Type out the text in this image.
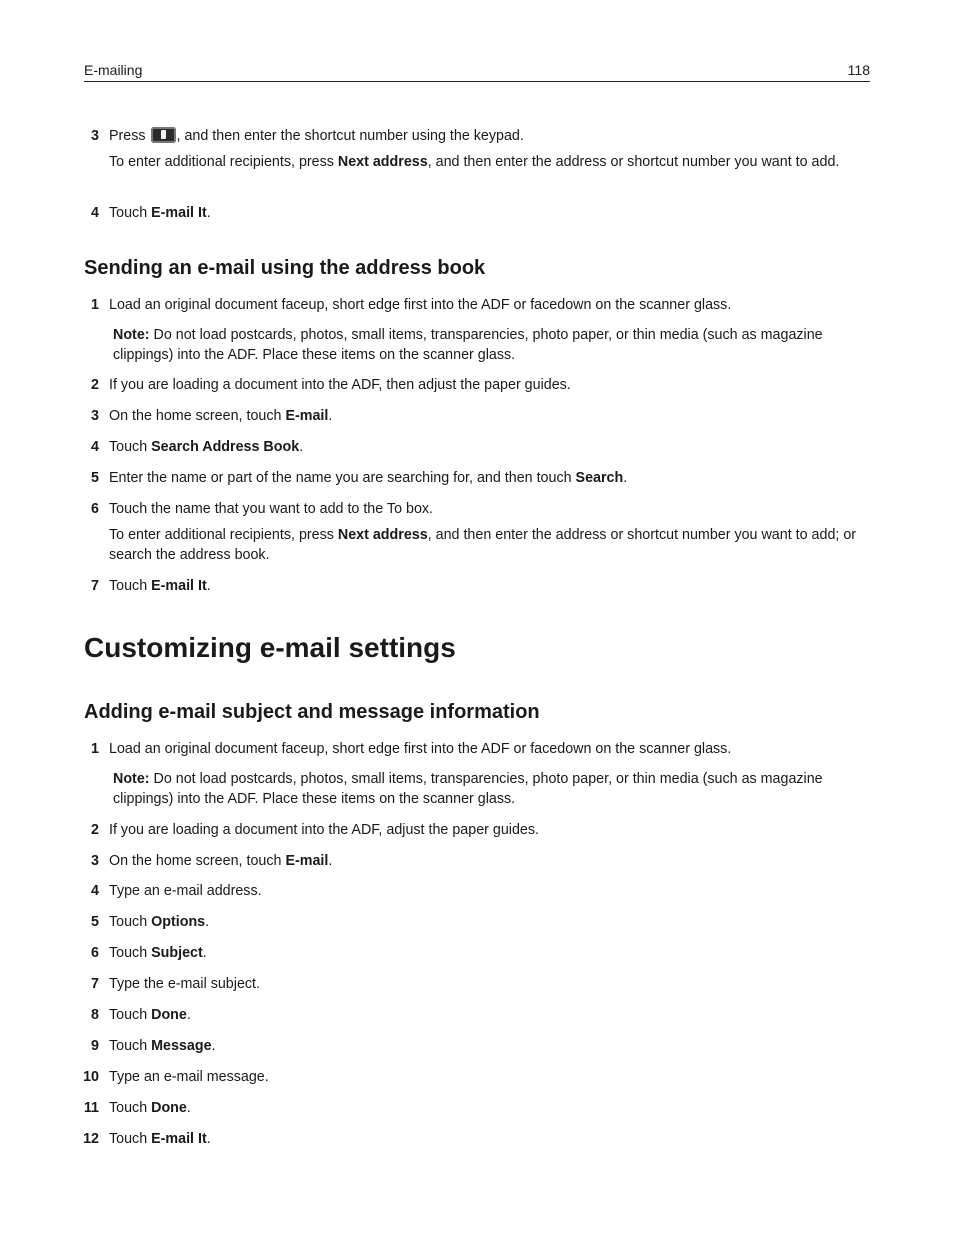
E-mailing	118
3 Press , and then enter the shortcut number using the keypad.
To enter additional recipients, press Next address, and then enter the address or shortcut number you want to add.
4 Touch E-mail It.
Sending an e-mail using the address book
1 Load an original document faceup, short edge first into the ADF or facedown on the scanner glass.
Note: Do not load postcards, photos, small items, transparencies, photo paper, or thin media (such as magazine clippings) into the ADF. Place these items on the scanner glass.
2 If you are loading a document into the ADF, then adjust the paper guides.
3 On the home screen, touch E-mail.
4 Touch Search Address Book.
5 Enter the name or part of the name you are searching for, and then touch Search.
6 Touch the name that you want to add to the To box.
To enter additional recipients, press Next address, and then enter the address or shortcut number you want to add; or search the address book.
7 Touch E-mail It.
Customizing e-mail settings
Adding e-mail subject and message information
1 Load an original document faceup, short edge first into the ADF or facedown on the scanner glass.
Note: Do not load postcards, photos, small items, transparencies, photo paper, or thin media (such as magazine clippings) into the ADF. Place these items on the scanner glass.
2 If you are loading a document into the ADF, adjust the paper guides.
3 On the home screen, touch E-mail.
4 Type an e-mail address.
5 Touch Options.
6 Touch Subject.
7 Type the e-mail subject.
8 Touch Done.
9 Touch Message.
10 Type an e-mail message.
11 Touch Done.
12 Touch E-mail It.
